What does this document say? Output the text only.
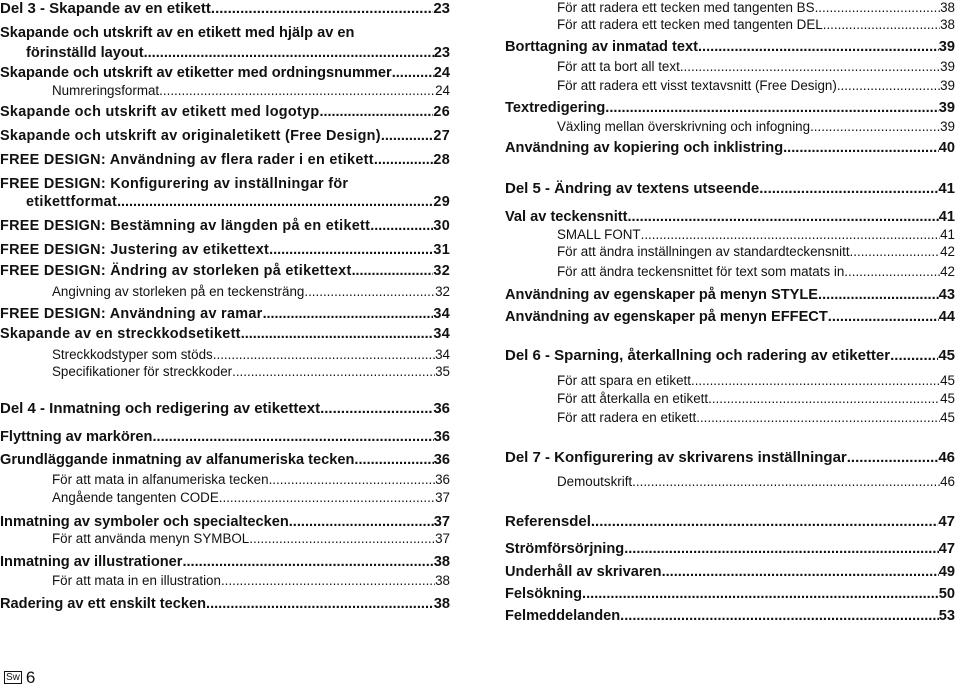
Del 3 - Skapande av en etikett .....	23
Skapande och utskrift av en etikett med hjälp av en
förinställd layout .....	23
Skapande och utskrift av etiketter med ordningsnummer .....	24
Numreringsformat .....	24
Skapande och utskrift av etikett med logotyp .....	26
Skapande och utskrift av originaletikett (Free Design) .....	27
FREE DESIGN: Användning av flera rader i en etikett .....	28
FREE DESIGN: Konfigurering av inställningar för
etikettformat .....	29
FREE DESIGN: Bestämning av längden på en etikett .....	30
FREE DESIGN: Justering av etikettext .....	31
FREE DESIGN: Ändring av storleken på etikettext .....	32
Angivning av storleken på en teckensträng .....	32
FREE DESIGN: Användning av ramar .....	34
Skapande av en streckkodsetikett .....	34
Streckkodstyper som stöds .....	34
Specifikationer för streckkoder .....	35
Del 4 - Inmatning och redigering av etikettext .....	36
Flyttning av markören .....	36
Grundläggande inmatning av alfanumeriska tecken .....	36
För att mata in alfanumeriska tecken .....	36
Angående tangenten CODE .....	37
Inmatning av symboler och specialtecken .....	37
För att använda menyn SYMBOL .....	37
Inmatning av illustrationer .....	38
För att mata in en illustration .....	38
Radering av ett enskilt tecken .....	38
För att radera ett tecken med tangenten BS .....	38
För att radera ett tecken med tangenten DEL .....	38
Borttagning av inmatad text .....	39
För att ta bort all text .....	39
För att radera ett visst textavsnitt (Free Design) .....	39
Textredigering .....	39
Växling mellan överskrivning och infogning .....	39
Användning av kopiering och inklistring .....	40
Del 5 - Ändring av textens utseende .....	41
Val av teckensnitt .....	41
SMALL FONT .....	41
För att ändra inställningen av standardteckensnitt .....	42
För att ändra teckensnittet för text som matats in .....	42
Användning av egenskaper på menyn STYLE .....	43
Användning av egenskaper på menyn EFFECT .....	44
Del 6 - Sparning, återkallning och radering av etiketter .....	45
För att spara en etikett .....	45
För att återkalla en etikett .....	45
För att radera en etikett .....	45
Del 7 - Konfigurering av skrivarens inställningar .....	46
Demoutskrift .....	46
Referensdel .....	47
Strömförsörjning .....	47
Underhåll av skrivaren .....	49
Felsökning .....	50
Felmeddelanden .....	53
Sw 6
